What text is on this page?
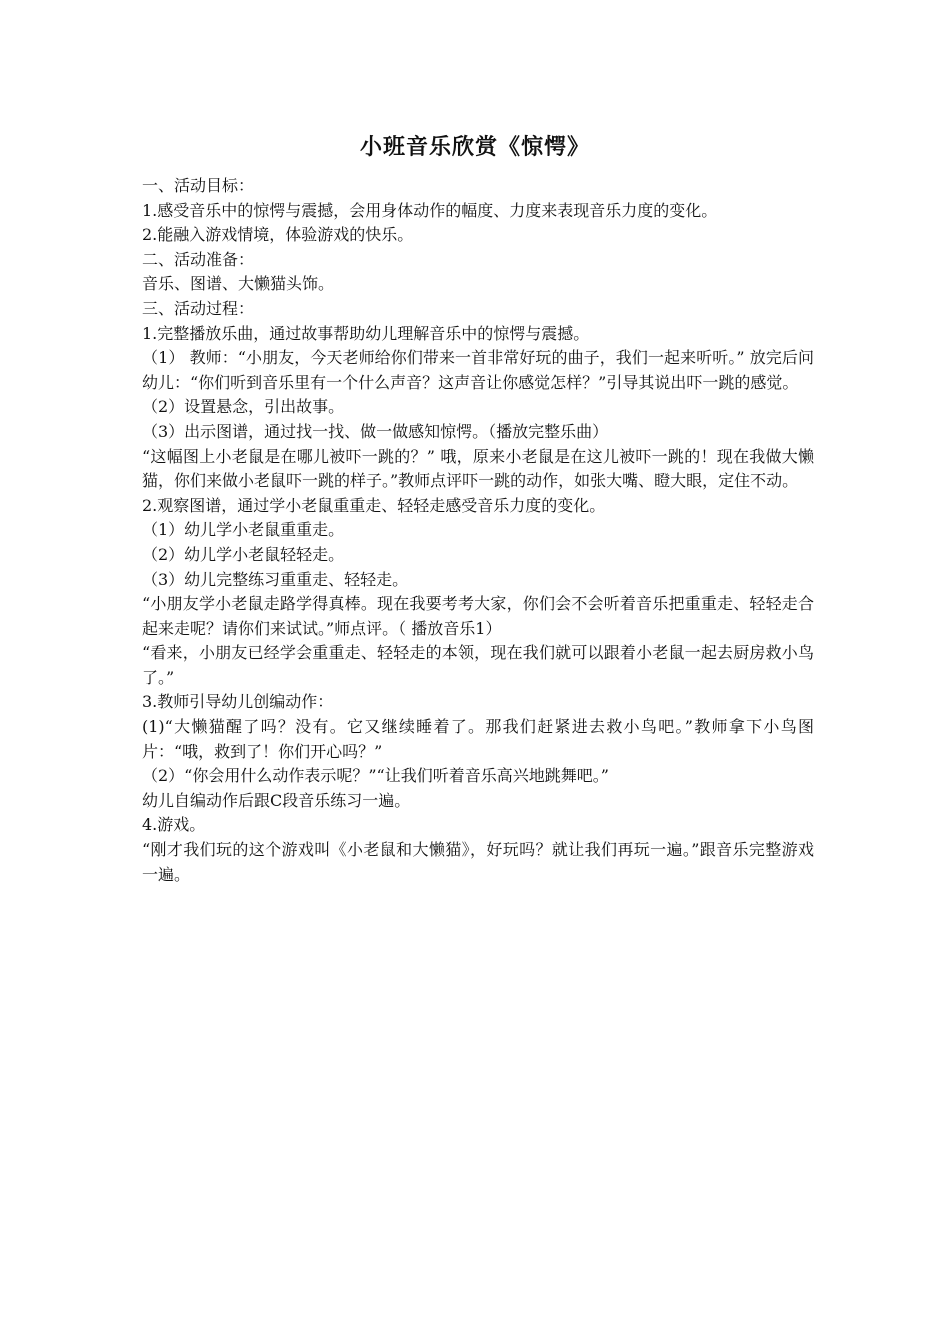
小班音乐欣赏《惊愕》
一、活动目标：
1.感受音乐中的惊愕与震撼，会用身体动作的幅度、力度来表现音乐力度的变化。
2.能融入游戏情境，体验游戏的快乐。
二、活动准备：
音乐、图谱、大懒猫头饰。
三、活动过程：
1.完整播放乐曲，通过故事帮助幼儿理解音乐中的惊愕与震撼。
（1） 教师：“小朋友，今天老师给你们带来一首非常好玩的曲子，我们一起来听听。” 放完后问幼儿：“你们听到音乐里有一个什么声音？这声音让你感觉怎样？”引导其说出吓一跳的感觉。
（2）设置悬念，引出故事。
（3）出示图谱，通过找一找、做一做感知惊愕。（播放完整乐曲）
“这幅图上小老鼠是在哪儿被吓一跳的？” 哦，原来小老鼠是在这儿被吓一跳的！现在我做大懒猫，你们来做小老鼠吓一跳的样子。”教师点评吓一跳的动作，如张大嘴、瞪大眼，定住不动。
2.观察图谱，通过学小老鼠重重走、轻轻走感受音乐力度的变化。
（1）幼儿学小老鼠重重走。
（2）幼儿学小老鼠轻轻走。
（3）幼儿完整练习重重走、轻轻走。
“小朋友学小老鼠走路学得真棒。现在我要考考大家，你们会不会听着音乐把重重走、轻轻走合起来走呢？请你们来试试。”师点评。（ 播放音乐1）
“看来，小朋友已经学会重重走、轻轻走的本领，现在我们就可以跟着小老鼠一起去厨房救小鸟了。”
3.教师引导幼儿创编动作：
(1)“大懒猫醒了吗？没有。它又继续睡着了。那我们赶紧进去救小鸟吧。”教师拿下小鸟图片：“哦，救到了！你们开心吗？”
（2）“你会用什么动作表示呢？”“让我们听着音乐高兴地跳舞吧。”
幼儿自编动作后跟C段音乐练习一遍。
4.游戏。
“刚才我们玩的这个游戏叫《小老鼠和大懒猫》，好玩吗？就让我们再玩一遍。”跟音乐完整游戏一遍。
